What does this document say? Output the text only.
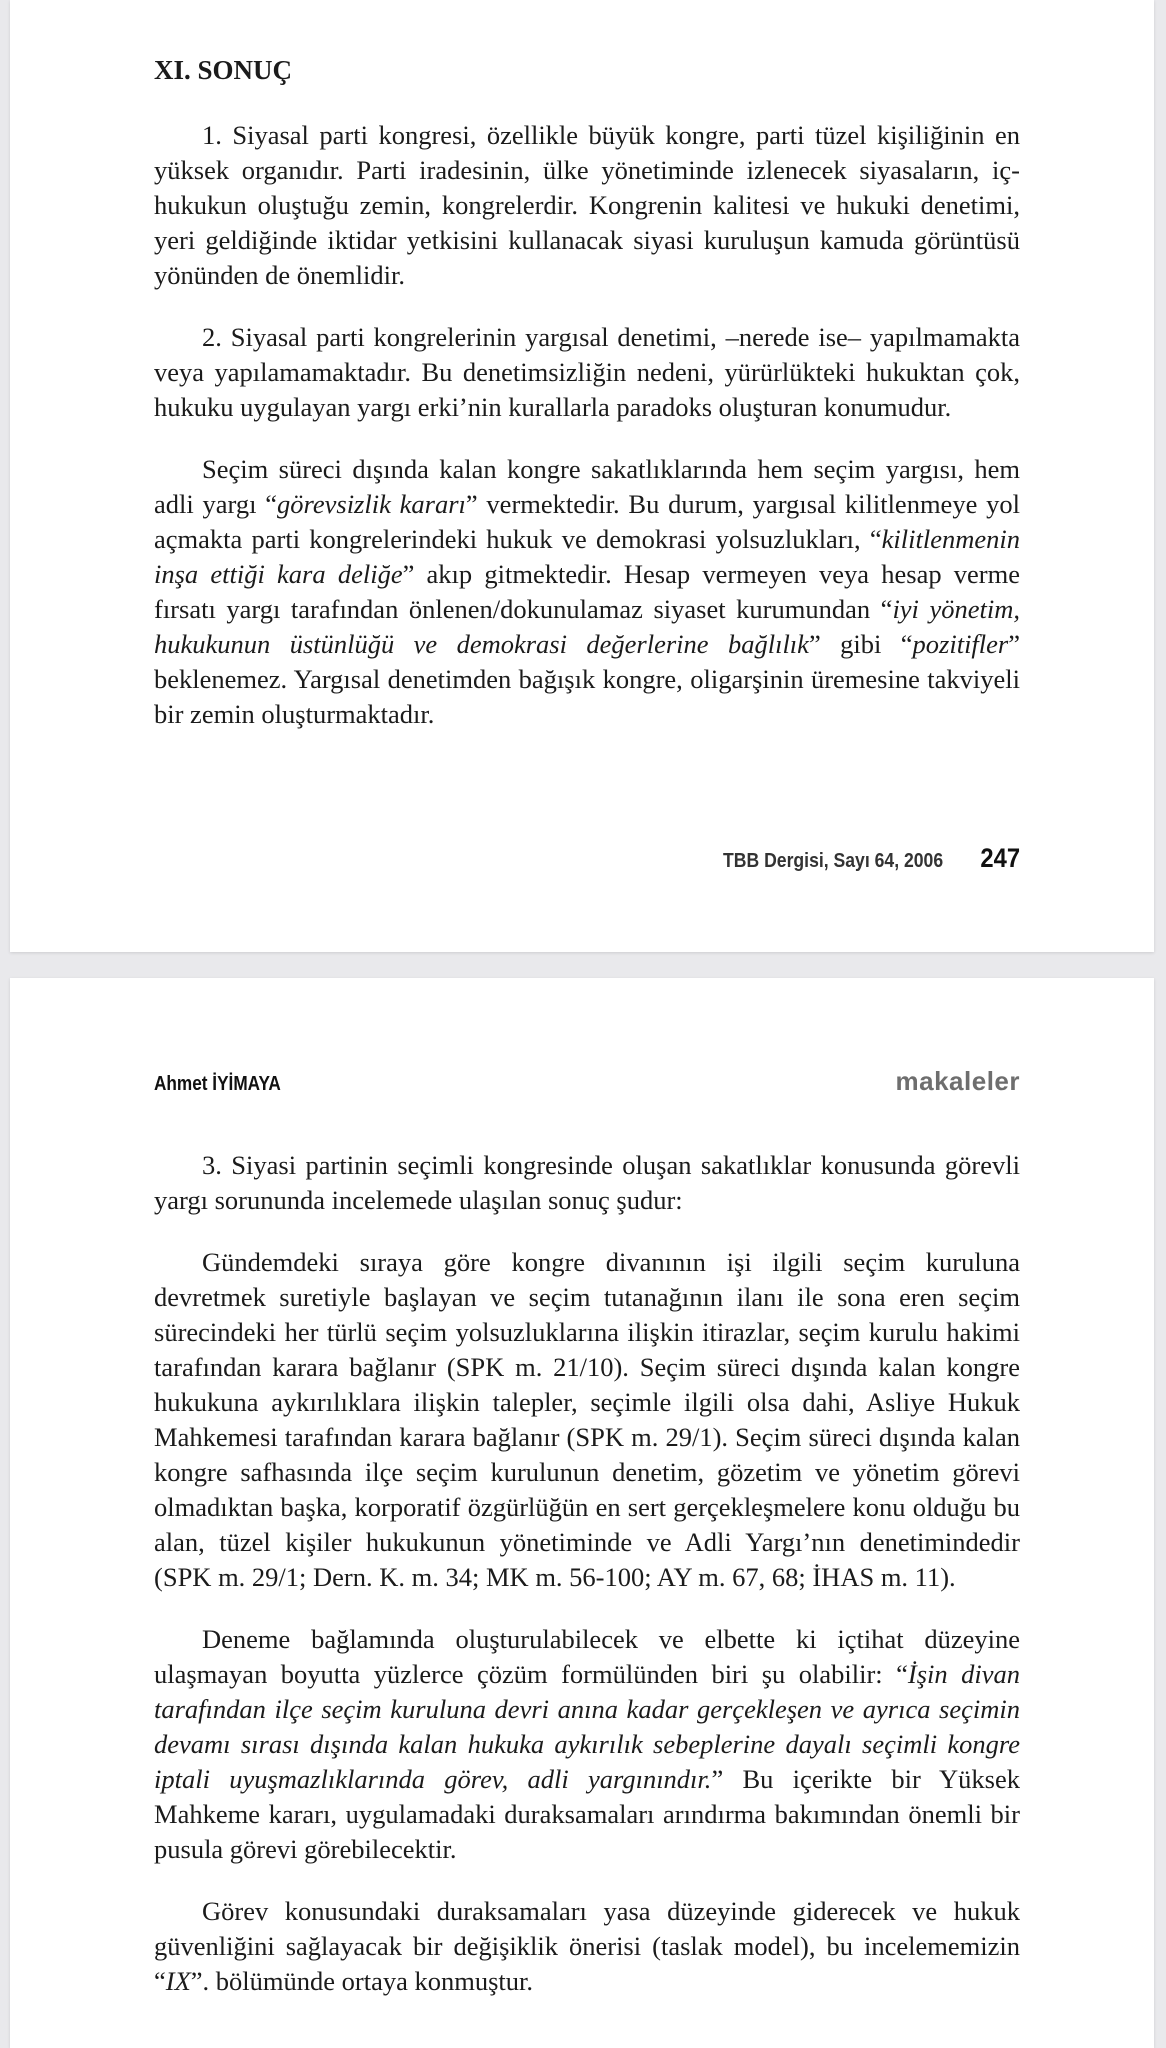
XI. SONUÇ

1. Siyasal parti kongresi, özellikle büyük kongre, parti tüzel kişiliğinin en yüksek organıdır. Parti iradesinin, ülke yönetiminde izlenecek siyasaların, iç-hukukun oluştuğu zemin, kongrelerdir. Kongrenin kalitesi ve hukuki denetimi, yeri geldiğinde iktidar yetkisini kullanacak siyasi kuruluşun kamuda görüntüsü yönünden de önemlidir.

2. Siyasal parti kongrelerinin yargısal denetimi, –nerede ise– yapılmamakta veya yapılamamaktadır. Bu denetimsizliğin nedeni, yürürlükteki hukuktan çok, hukuku uygulayan yargı erki’nin kurallarla paradoks oluşturan konumudur.

Seçim süreci dışında kalan kongre sakatlıklarında hem seçim yargısı, hem adli yargı “görevsizlik kararı” vermektedir. Bu durum, yargısal kilitlenmeye yol açmakta parti kongrelerindeki hukuk ve demokrasi yolsuzlukları, “kilitlenmenin inşa ettiği kara deliğe” akıp gitmektedir. Hesap vermeyen veya hesap verme fırsatı yargı tarafından önlenen/dokunulamaz siyaset kurumundan “iyi yönetim, hukukunun üstünlüğü ve demokrasi değerlerine bağlılık” gibi “pozitifler” beklenemez. Yargısal denetimden bağışık kongre, oligarşinin üremesine takviyeli bir zemin oluşturmaktadır.

TBB Dergisi, Sayı 64, 2006 247
Ahmet İYİMAYA	makaleler

3. Siyasi partinin seçimli kongresinde oluşan sakatlıklar konusunda görevli yargı sorununda incelemede ulaşılan sonuç şudur:

Gündemdeki sıraya göre kongre divanının işi ilgili seçim kuruluna devretmek suretiyle başlayan ve seçim tutanağının ilanı ile sona eren seçim sürecindeki her türlü seçim yolsuzluklarına ilişkin itirazlar, seçim kurulu hakimi tarafından karara bağlanır (SPK m. 21/10). Seçim süreci dışında kalan kongre hukukuna aykırılıklara ilişkin talepler, seçimle ilgili olsa dahi, Asliye Hukuk Mahkemesi tarafından karara bağlanır (SPK m. 29/1). Seçim süreci dışında kalan kongre safhasında ilçe seçim kurulunun denetim, gözetim ve yönetim görevi olmadıktan başka, korporatif özgürlüğün en sert gerçekleşmelere konu olduğu bu alan, tüzel kişiler hukukunun yönetiminde ve Adli Yargı’nın denetimindedir (SPK m. 29/1; Dern. K. m. 34; MK m. 56-100; AY m. 67, 68; İHAS m. 11).

Deneme bağlamında oluşturulabilecek ve elbette ki içtihat düzeyine ulaşmayan boyutta yüzlerce çözüm formülünden biri şu olabilir: “İşin divan tarafından ilçe seçim kuruluna devri anına kadar gerçekleşen ve ayrıca seçimin devamı sırası dışında kalan hukuka aykırılık sebeplerine dayalı seçimli kongre iptali uyuşmazlıklarında görev, adli yargınındır.” Bu içerikte bir Yüksek Mahkeme kararı, uygulamadaki duraksamaları arındırma bakımından önemli bir pusula görevi görebilecektir.

Görev konusundaki duraksamaları yasa düzeyinde giderecek ve hukuk güvenliğini sağlayacak bir değişiklik önerisi (taslak model), bu incelememizin “IX”. bölümünde ortaya konmuştur.
